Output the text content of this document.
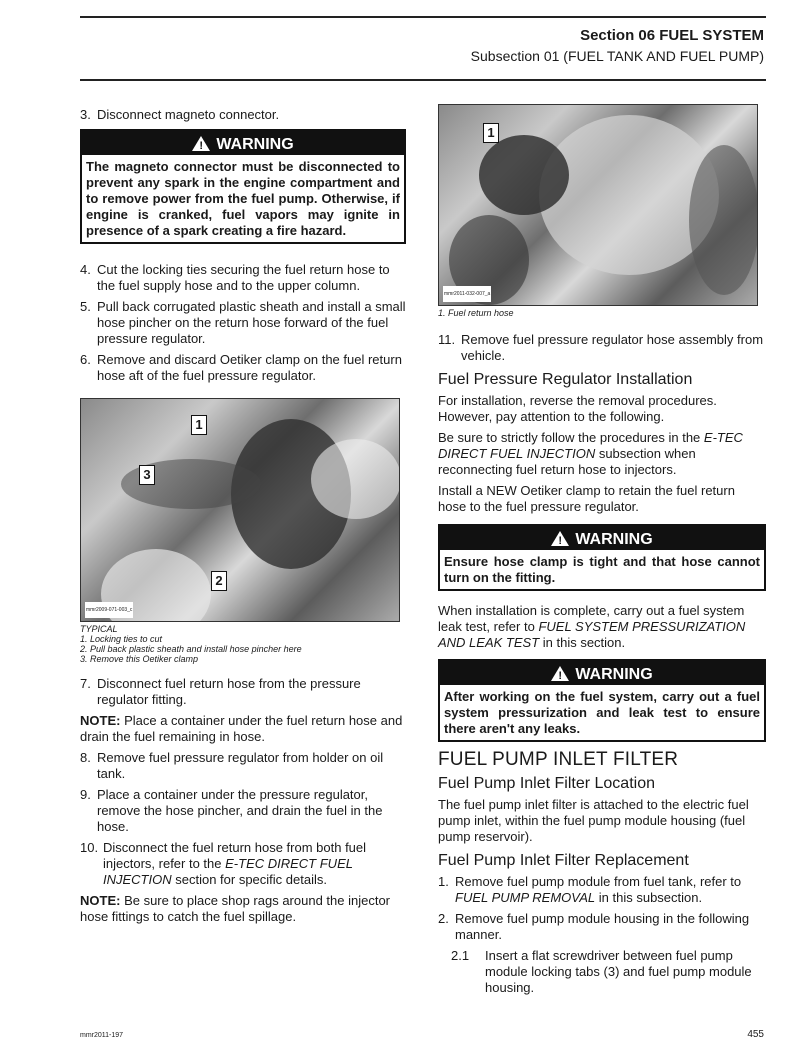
Section 06 FUEL SYSTEM
Subsection 01 (FUEL TANK AND FUEL PUMP)
3. Disconnect magneto connector.
!WARNING
The magneto connector must be disconnected to prevent any spark in the engine compartment and to remove power from the fuel pump. Otherwise, if engine is cranked, fuel vapors may ignite in presence of a spark creating a fire hazard.
4. Cut the locking ties securing the fuel return hose to the fuel supply hose and to the upper column.
5. Pull back corrugated plastic sheath and install a small hose pincher on the return hose forward of the fuel pressure regulator.
6. Remove and discard Oetiker clamp on the fuel return hose aft of the fuel pressure regulator.
1
2
3
mmr2009-071-003_c
TYPICAL
1. Locking ties to cut
2. Pull back plastic sheath and install hose pincher here
3. Remove this Oetiker clamp
7. Disconnect fuel return hose from the pressure regulator fitting.

NOTE: Place a container under the fuel return hose and drain the fuel remaining in hose.

8. Remove fuel pressure regulator from holder on oil tank.
9. Place a container under the pressure regulator, remove the hose pincher, and drain the fuel in the hose.
10. Disconnect the fuel return hose from both fuel injectors, refer to the E-TEC DIRECT FUEL INJECTION section for specific details.

NOTE: Be sure to place shop rags around the injector hose fittings to catch the fuel spillage.

1
mmr2011-032-007_a
1. Fuel return hose
11. Remove fuel pressure regulator hose assembly from vehicle.
Fuel Pressure Regulator Installation

For installation, reverse the removal procedures. However, pay attention to the following.

Be sure to strictly follow the procedures in the E-TEC DIRECT FUEL INJECTION subsection when reconnecting fuel return hose to injectors.

Install a NEW Oetiker clamp to retain the fuel return hose to the fuel pressure regulator.

!WARNING
Ensure hose clamp is tight and that hose cannot turn on the fitting.

When installation is complete, carry out a fuel system leak test, refer to FUEL SYSTEM PRESSURIZATION AND LEAK TEST in this section.

!WARNING
After working on the fuel system, carry out a fuel system pressurization and leak test to ensure there aren't any leaks.
FUEL PUMP INLET FILTER
Fuel Pump Inlet Filter Location

The fuel pump inlet filter is attached to the electric fuel pump inlet, within the fuel pump module housing (fuel pump reservoir).

Fuel Pump Inlet Filter Replacement
1. Remove fuel pump module from fuel tank, refer to FUEL PUMP REMOVAL in this subsection.
2. Remove fuel pump module housing in the following manner.
2.1 Insert a flat screwdriver between fuel pump module locking tabs (3) and fuel pump module housing.
mmr2011-197	455
